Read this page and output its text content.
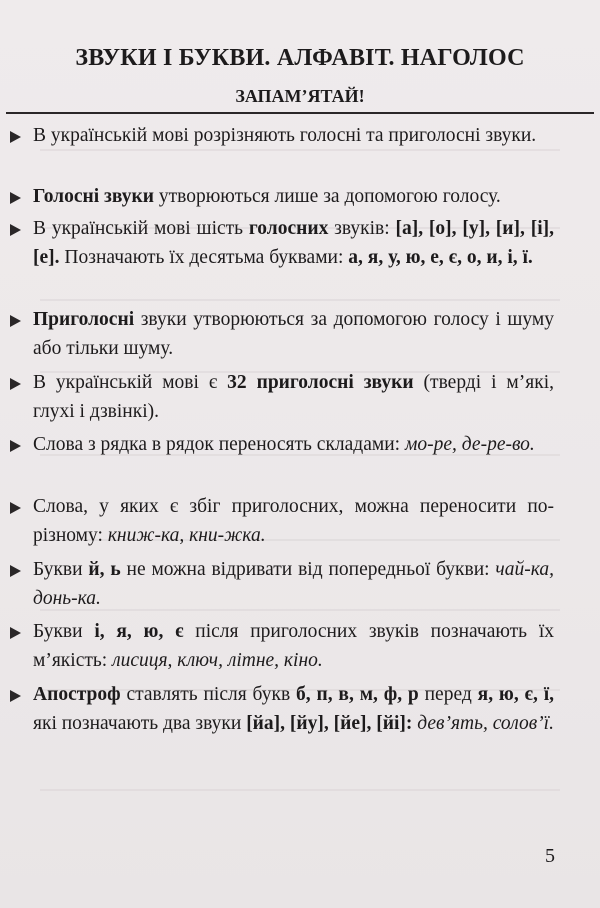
ЗВУКИ І БУКВИ. АЛФАВІТ. НАГОЛОС
ЗАПАМ’ЯТАЙ!
В українській мові розрізняють голосні та приголосні звуки.
Голосні звуки утворюються лише за допомогою голосу.
В українській мові шість голосних звуків: [а], [о], [у], [и], [і], [е]. Позначають їх десятьма буквами: а, я, у, ю, е, є, о, и, і, ї.
Приголосні звуки утворюються за допомогою голосу і шуму або тільки шуму.
В українській мові є 32 приголосні звуки (тверді і м’які, глухі і дзвінкі).
Слова з рядка в рядок переносять складами: мо-ре, де-ре-во.
Слова, у яких є збіг приголосних, можна переносити по-різному: книж-ка, кни-жка.
Букви й, ь не можна відривати від попередньої букви: чай-ка, донь-ка.
Букви і, я, ю, є після приголосних звуків позначають їх м’якість: лисиця, ключ, літне, кіно.
Апостроф ставлять після букв б, п, в, м, ф, р перед я, ю, є, ї, які позначають два звуки [йа], [йу], [йе], [йі]: дев’ять, солов’ї.

5
